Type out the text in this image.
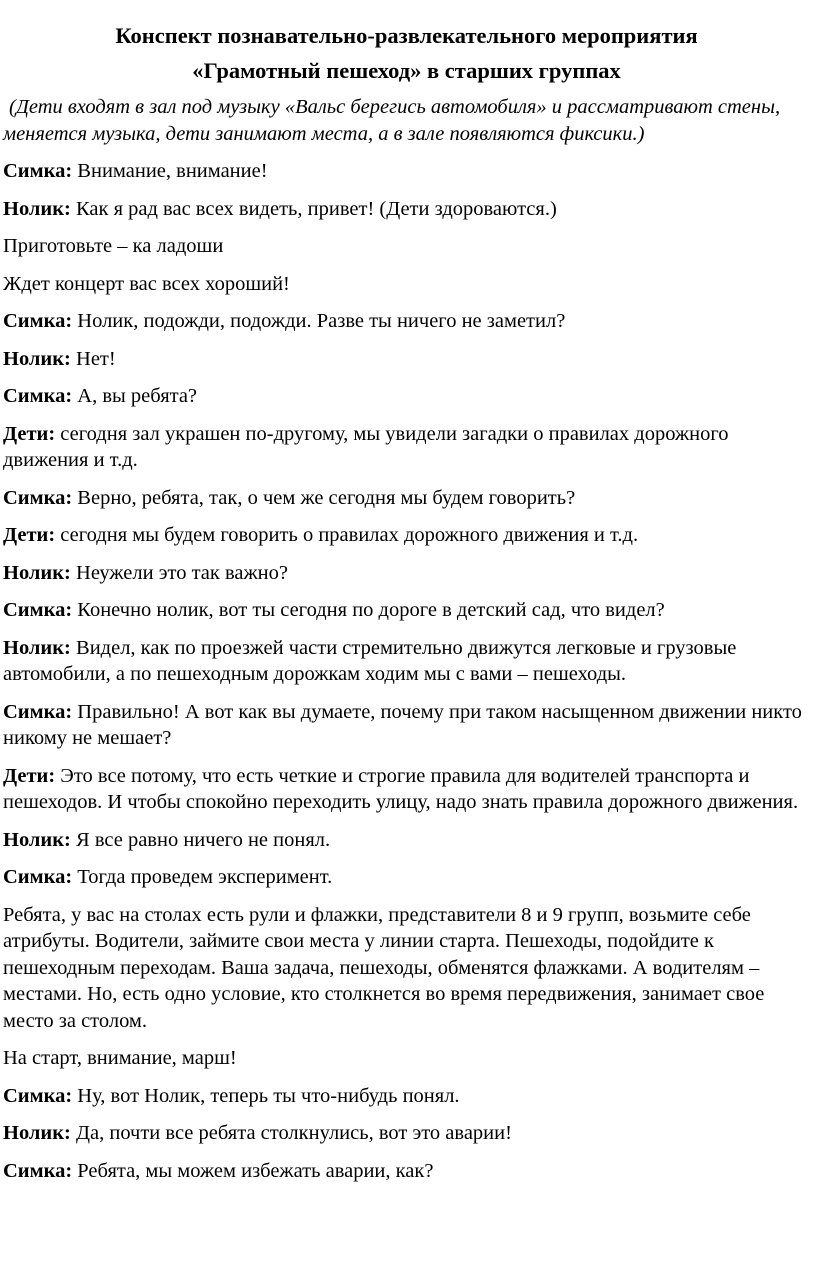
Конспект познавательно-развлекательного мероприятия
«Грамотный пешеход» в старших группах
(Дети входят в зал под музыку «Вальс берегись автомобиля» и рассматривают стены, меняется музыка, дети занимают места, а в зале появляются фиксики.)
Симка: Внимание, внимание!
Нолик: Как я рад вас всех видеть, привет! (Дети здороваются.)
Приготовьте – ка ладоши
Ждет концерт вас всех хороший!
Симка: Нолик, подожди, подожди. Разве ты ничего не заметил?
Нолик: Нет!
Симка: А, вы ребята?
Дети: сегодня зал украшен по-другому, мы увидели загадки о правилах дорожного движения и т.д.
Симка: Верно, ребята, так, о чем же сегодня мы будем говорить?
Дети: сегодня мы будем говорить о правилах дорожного движения и т.д.
Нолик: Неужели это так важно?
Симка: Конечно нолик, вот ты сегодня по дороге в детский сад, что видел?
Нолик: Видел, как по проезжей части стремительно движутся легковые и грузовые автомобили, а по пешеходным дорожкам ходим мы с вами – пешеходы.
Симка: Правильно! А вот как вы думаете, почему при таком насыщенном движении никто никому не мешает?
Дети: Это все потому, что есть четкие и строгие правила для водителей транспорта и пешеходов. И чтобы спокойно переходить улицу, надо знать правила дорожного движения.
Нолик: Я все равно ничего не понял.
Симка: Тогда проведем эксперимент.
Ребята, у вас на столах есть рули и флажки, представители 8 и 9 групп, возьмите себе атрибуты. Водители, займите свои места у линии старта. Пешеходы, подойдите к пешеходным переходам. Ваша задача, пешеходы, обменятся флажками. А водителям – местами. Но, есть одно условие, кто столкнется во время передвижения, занимает свое место за столом.
На старт, внимание, марш!
Симка: Ну, вот Нолик, теперь ты что-нибудь понял.
Нолик: Да, почти все ребята столкнулись, вот это аварии!
Симка: Ребята, мы можем избежать аварии, как?
